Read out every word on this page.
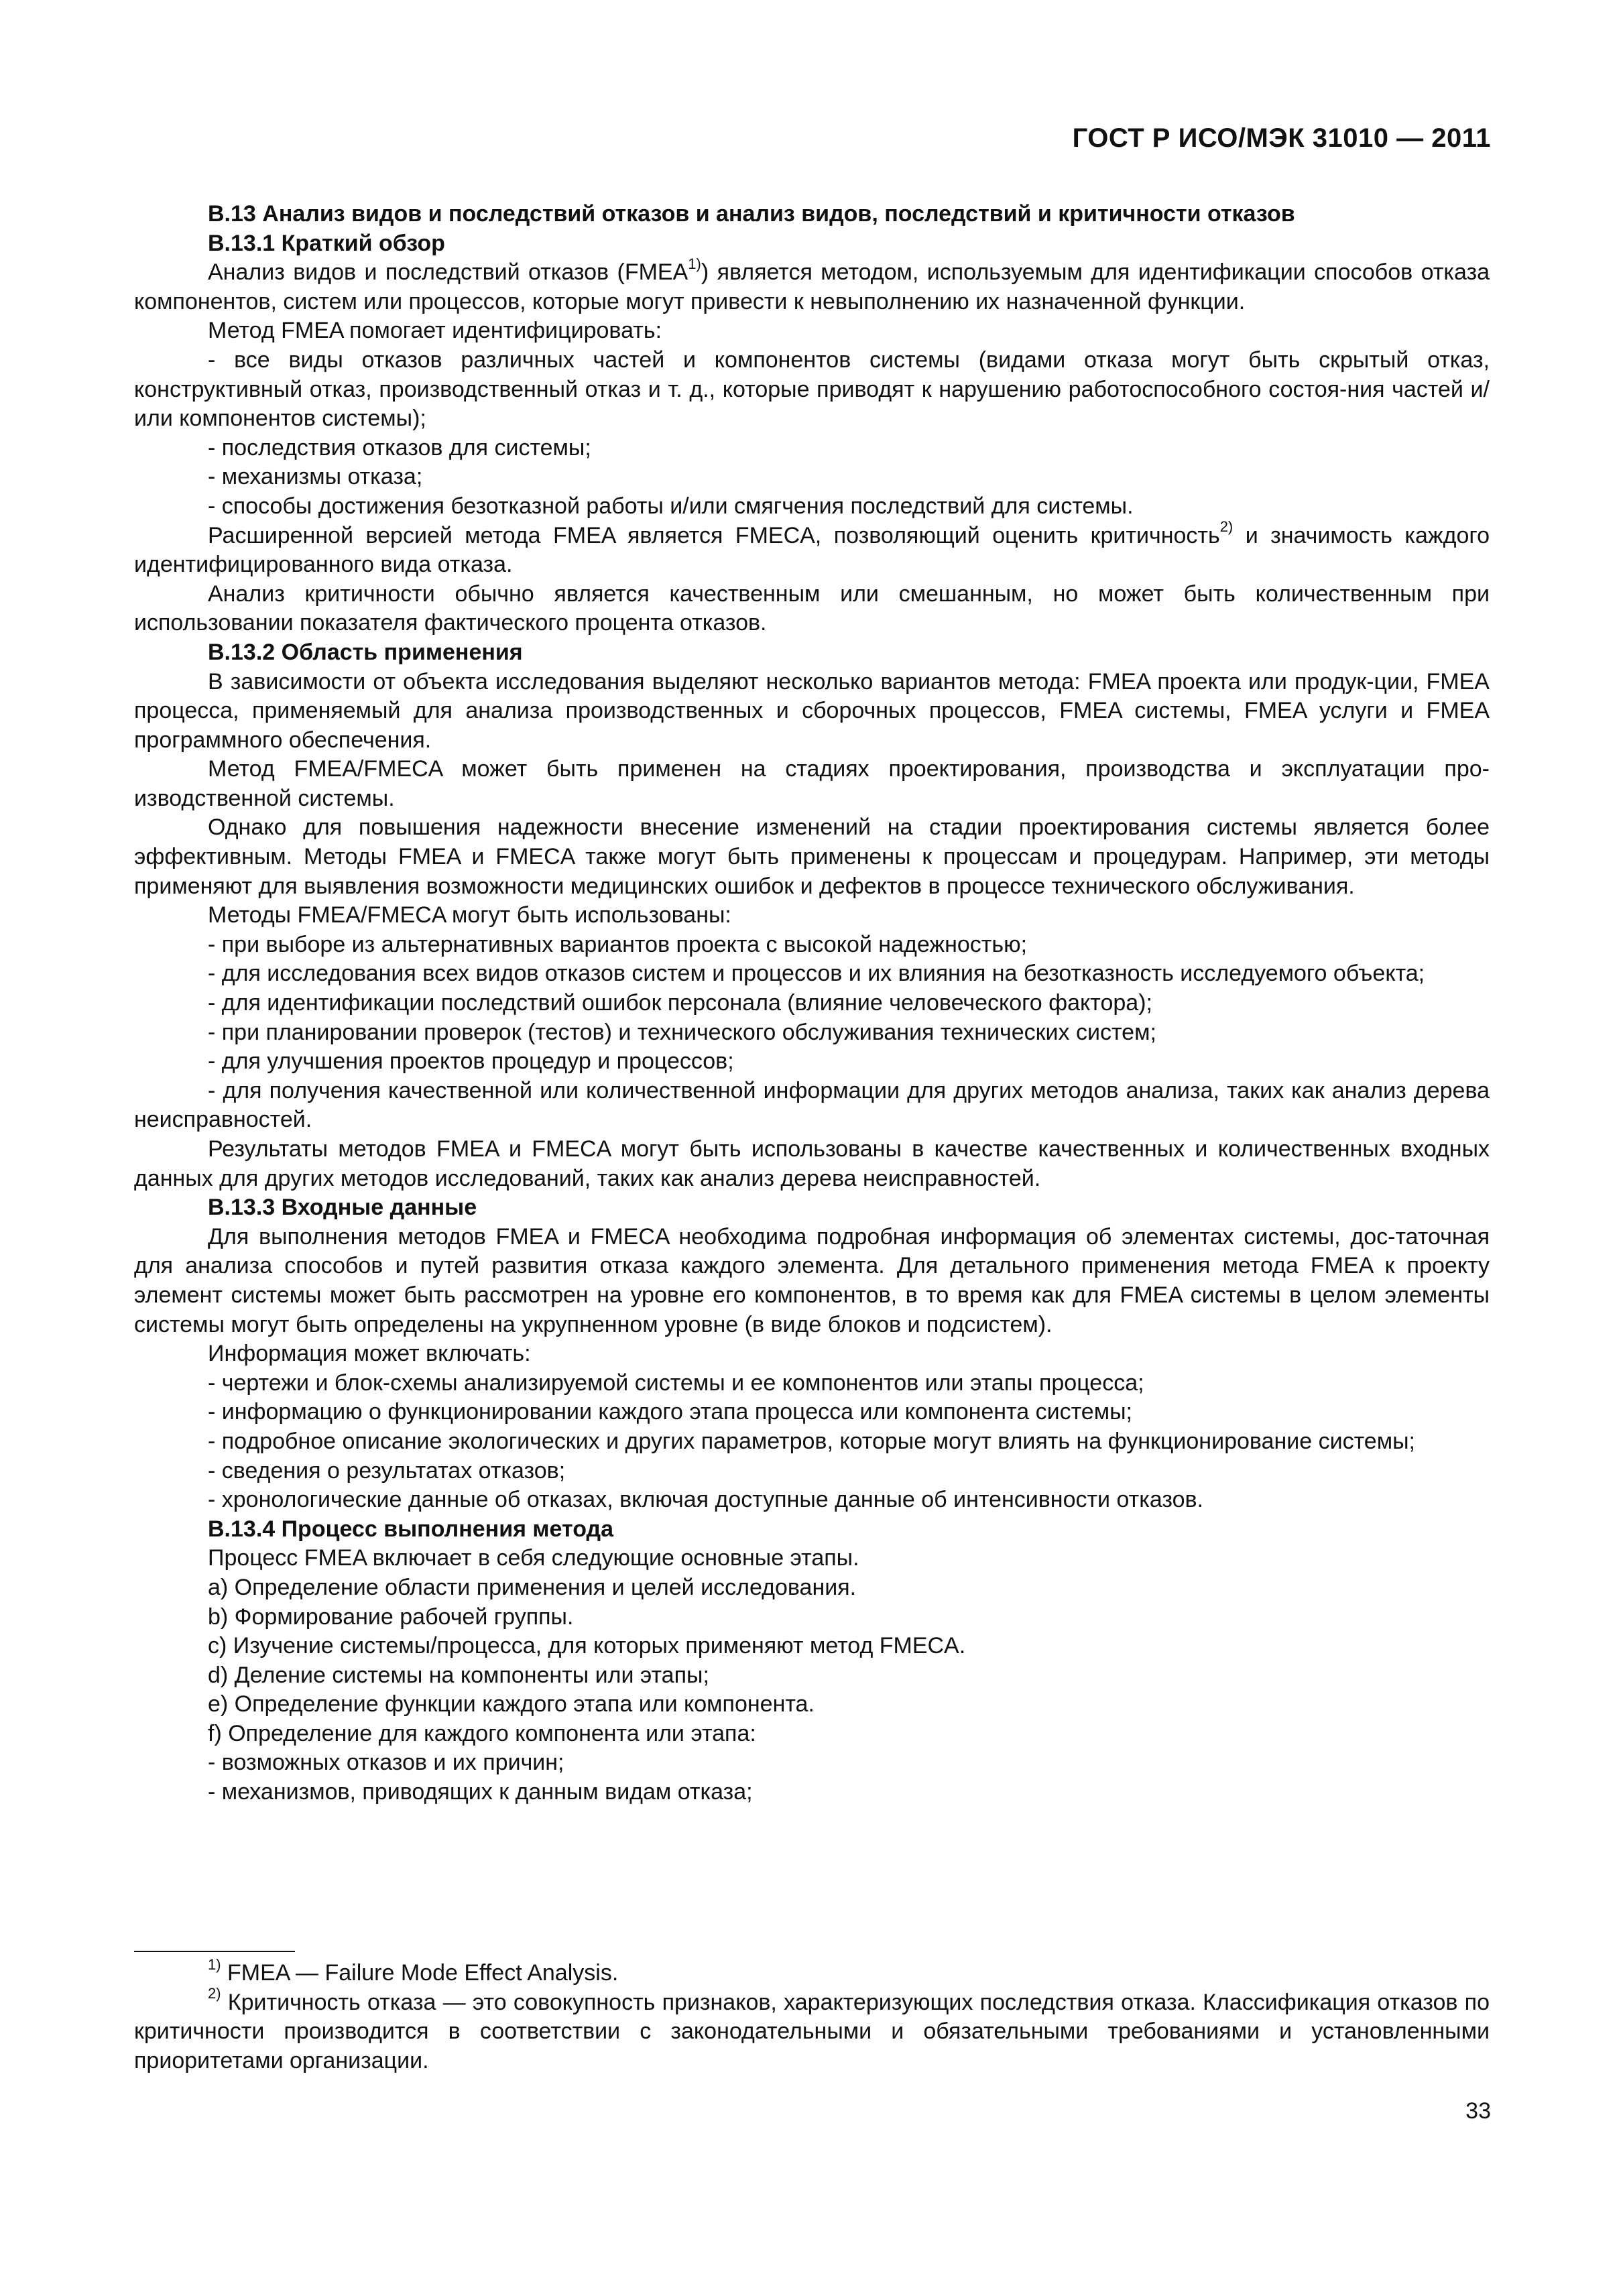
ГОСТ Р ИСО/МЭК 31010 — 2011

В.13 Анализ видов и последствий отказов и анализ видов, последствий и критичности отказов

В.13.1 Краткий обзор

Анализ видов и последствий отказов (FMEA$^{1)}$) является методом, используемым для идентификации способов отказа компонентов, систем или процессов, которые могут привести к невыполнению их назначенной функции.

Метод FMEA помогает идентифицировать:

- все виды отказов различных частей и компонентов системы (видами отказа могут быть скрытый отказ, конструктивный отказ, производственный отказ и т. д., которые приводят к нарушению работоспособного состоя-ния частей и/или компонентов системы);

- последствия отказов для системы;

- механизмы отказа;

- способы достижения безотказной работы и/или смягчения последствий для системы.

Расширенной версией метода FMEA является FMECA, позволяющий оценить критичность$^{2)}$ и значимость каждого идентифицированного вида отказа.

Анализ критичности обычно является качественным или смешанным, но может быть количественным при использовании показателя фактического процента отказов.

В.13.2 Область применения

В зависимости от объекта исследования выделяют несколько вариантов метода: FMEA проекта или продук-ции, FMEA процесса, применяемый для анализа производственных и сборочных процессов, FMEA системы, FMEA услуги и FMEA программного обеспечения.

Метод FMEA/FMECA может быть применен на стадиях проектирования, производства и эксплуатации про-изводственной системы.

Однако для повышения надежности внесение изменений на стадии проектирования системы является более эффективным. Методы FMEA и FMECA также могут быть применены к процессам и процедурам. Например, эти методы применяют для выявления возможности медицинских ошибок и дефектов в процессе технического обслуживания.

Методы FMEA/FMECA могут быть использованы:

- при выборе из альтернативных вариантов проекта с высокой надежностью;

- для исследования всех видов отказов систем и процессов и их влияния на безотказность исследуемого объекта;

- для идентификации последствий ошибок персонала (влияние человеческого фактора);

- при планировании проверок (тестов) и технического обслуживания технических систем;

- для улучшения проектов процедур и процессов;

- для получения качественной или количественной информации для других методов анализа, таких как анализ дерева неисправностей.

Результаты методов FMEA и FMECA могут быть использованы в качестве качественных и количественных входных данных для других методов исследований, таких как анализ дерева неисправностей.

В.13.3 Входные данные

Для выполнения методов FMEA и FMECA необходима подробная информация об элементах системы, дос-таточная для анализа способов и путей развития отказа каждого элемента. Для детального применения метода FMEA к проекту элемент системы может быть рассмотрен на уровне его компонентов, в то время как для FMEA системы в целом элементы системы могут быть определены на укрупненном уровне (в виде блоков и подсистем).

Информация может включать:

- чертежи и блок-схемы анализируемой системы и ее компонентов или этапы процесса;

- информацию о функционировании каждого этапа процесса или компонента системы;

- подробное описание экологических и других параметров, которые могут влиять на функционирование системы;

- сведения о результатах отказов;

- хронологические данные об отказах, включая доступные данные об интенсивности отказов.

В.13.4 Процесс выполнения метода

Процесс FMEA включает в себя следующие основные этапы.

a) Определение области применения и целей исследования.

b) Формирование рабочей группы.

c) Изучение системы/процесса, для которых применяют метод FMECA.

d) Деление системы на компоненты или этапы;

e) Определение функции каждого этапа или компонента.

f) Определение для каждого компонента или этапа:

- возможных отказов и их причин;

- механизмов, приводящих к данным видам отказа;

$^{1)}$ FMEA — Failure Mode Effect Analysis.

$^{2)}$ Критичность отказа — это совокупность признаков, характеризующих последствия отказа. Классификация отказов по критичности производится в соответствии с законодательными и обязательными требованиями и установленными приоритетами организации.

33
